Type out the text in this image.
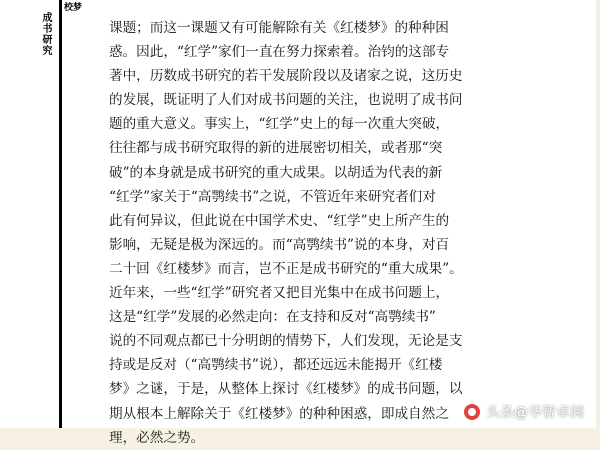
校梦
成书研究	课题；而这一课题又有可能解除有关《红楼梦》的种种困

惑。因此，“红学”家们一直在努力探索着。治钧的这部专

著中，历数成书研究的若干发展阶段以及诸家之说，这历史

的发展，既证明了人们对成书问题的关注，也说明了成书问

题的重大意义。事实上，“红学”史上的每一次重大突破，

往往都与成书研究取得的新的进展密切相关，或者那“突

破”的本身就是成书研究的重大成果。以胡适为代表的新

“红学”家关于“高鹗续书”之说，不管近年来研究者们对

此有何异议，但此说在中国学术史、“红学”史上所产生的

影响，无疑是极为深远的。而“高鹗续书”说的本身，对百

二十回《红楼梦》而言，岂不正是成书研究的“重大成果”。

近年来，一些“红学”研究者又把目光集中在成书问题上，

这是“红学”发展的必然走向：在支持和反对“高鹗续书”

说的不同观点都已十分明朗的情势下，人们发现，无论是支

持或是反对（“高鹗续书”说），都还远远未能揭开《红楼

梦》之谜，于是，从整体上探讨《红楼梦》的成书问题，以

期从根本上解除关于《红楼梦》的种种困惑，即成自然之

理，必然之势。

头条@华智卓阅
